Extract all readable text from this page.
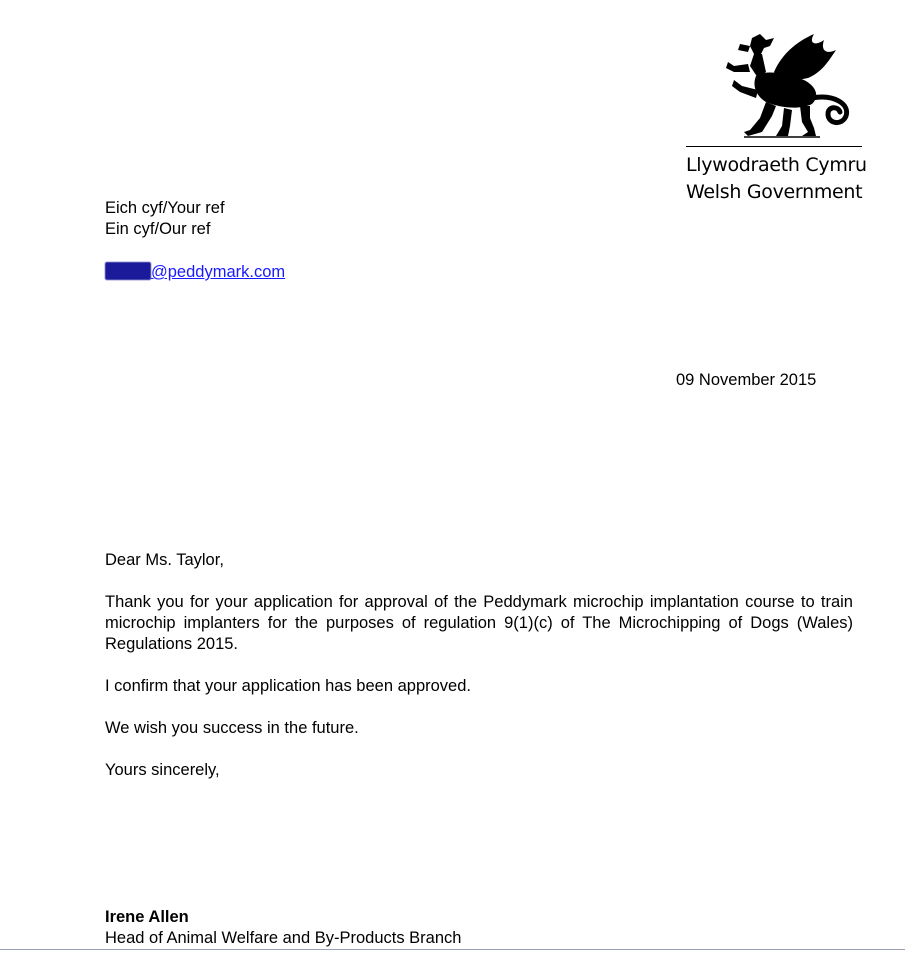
Llywodraeth Cymru
Welsh Government
Eich cyf/Your ref
Ein cyf/Our ref
@peddymark.com
09 November 2015

Dear Ms. Taylor,

Thank you for your application for approval of the Peddymark microchip implantation course to train microchip implanters for the purposes of regulation 9(1)(c) of The Microchipping of Dogs (Wales) Regulations 2015.

I confirm that your application has been approved.

We wish you success in the future.

Yours sincerely,

Irene Allen
Head of Animal Welfare and By-Products Branch
